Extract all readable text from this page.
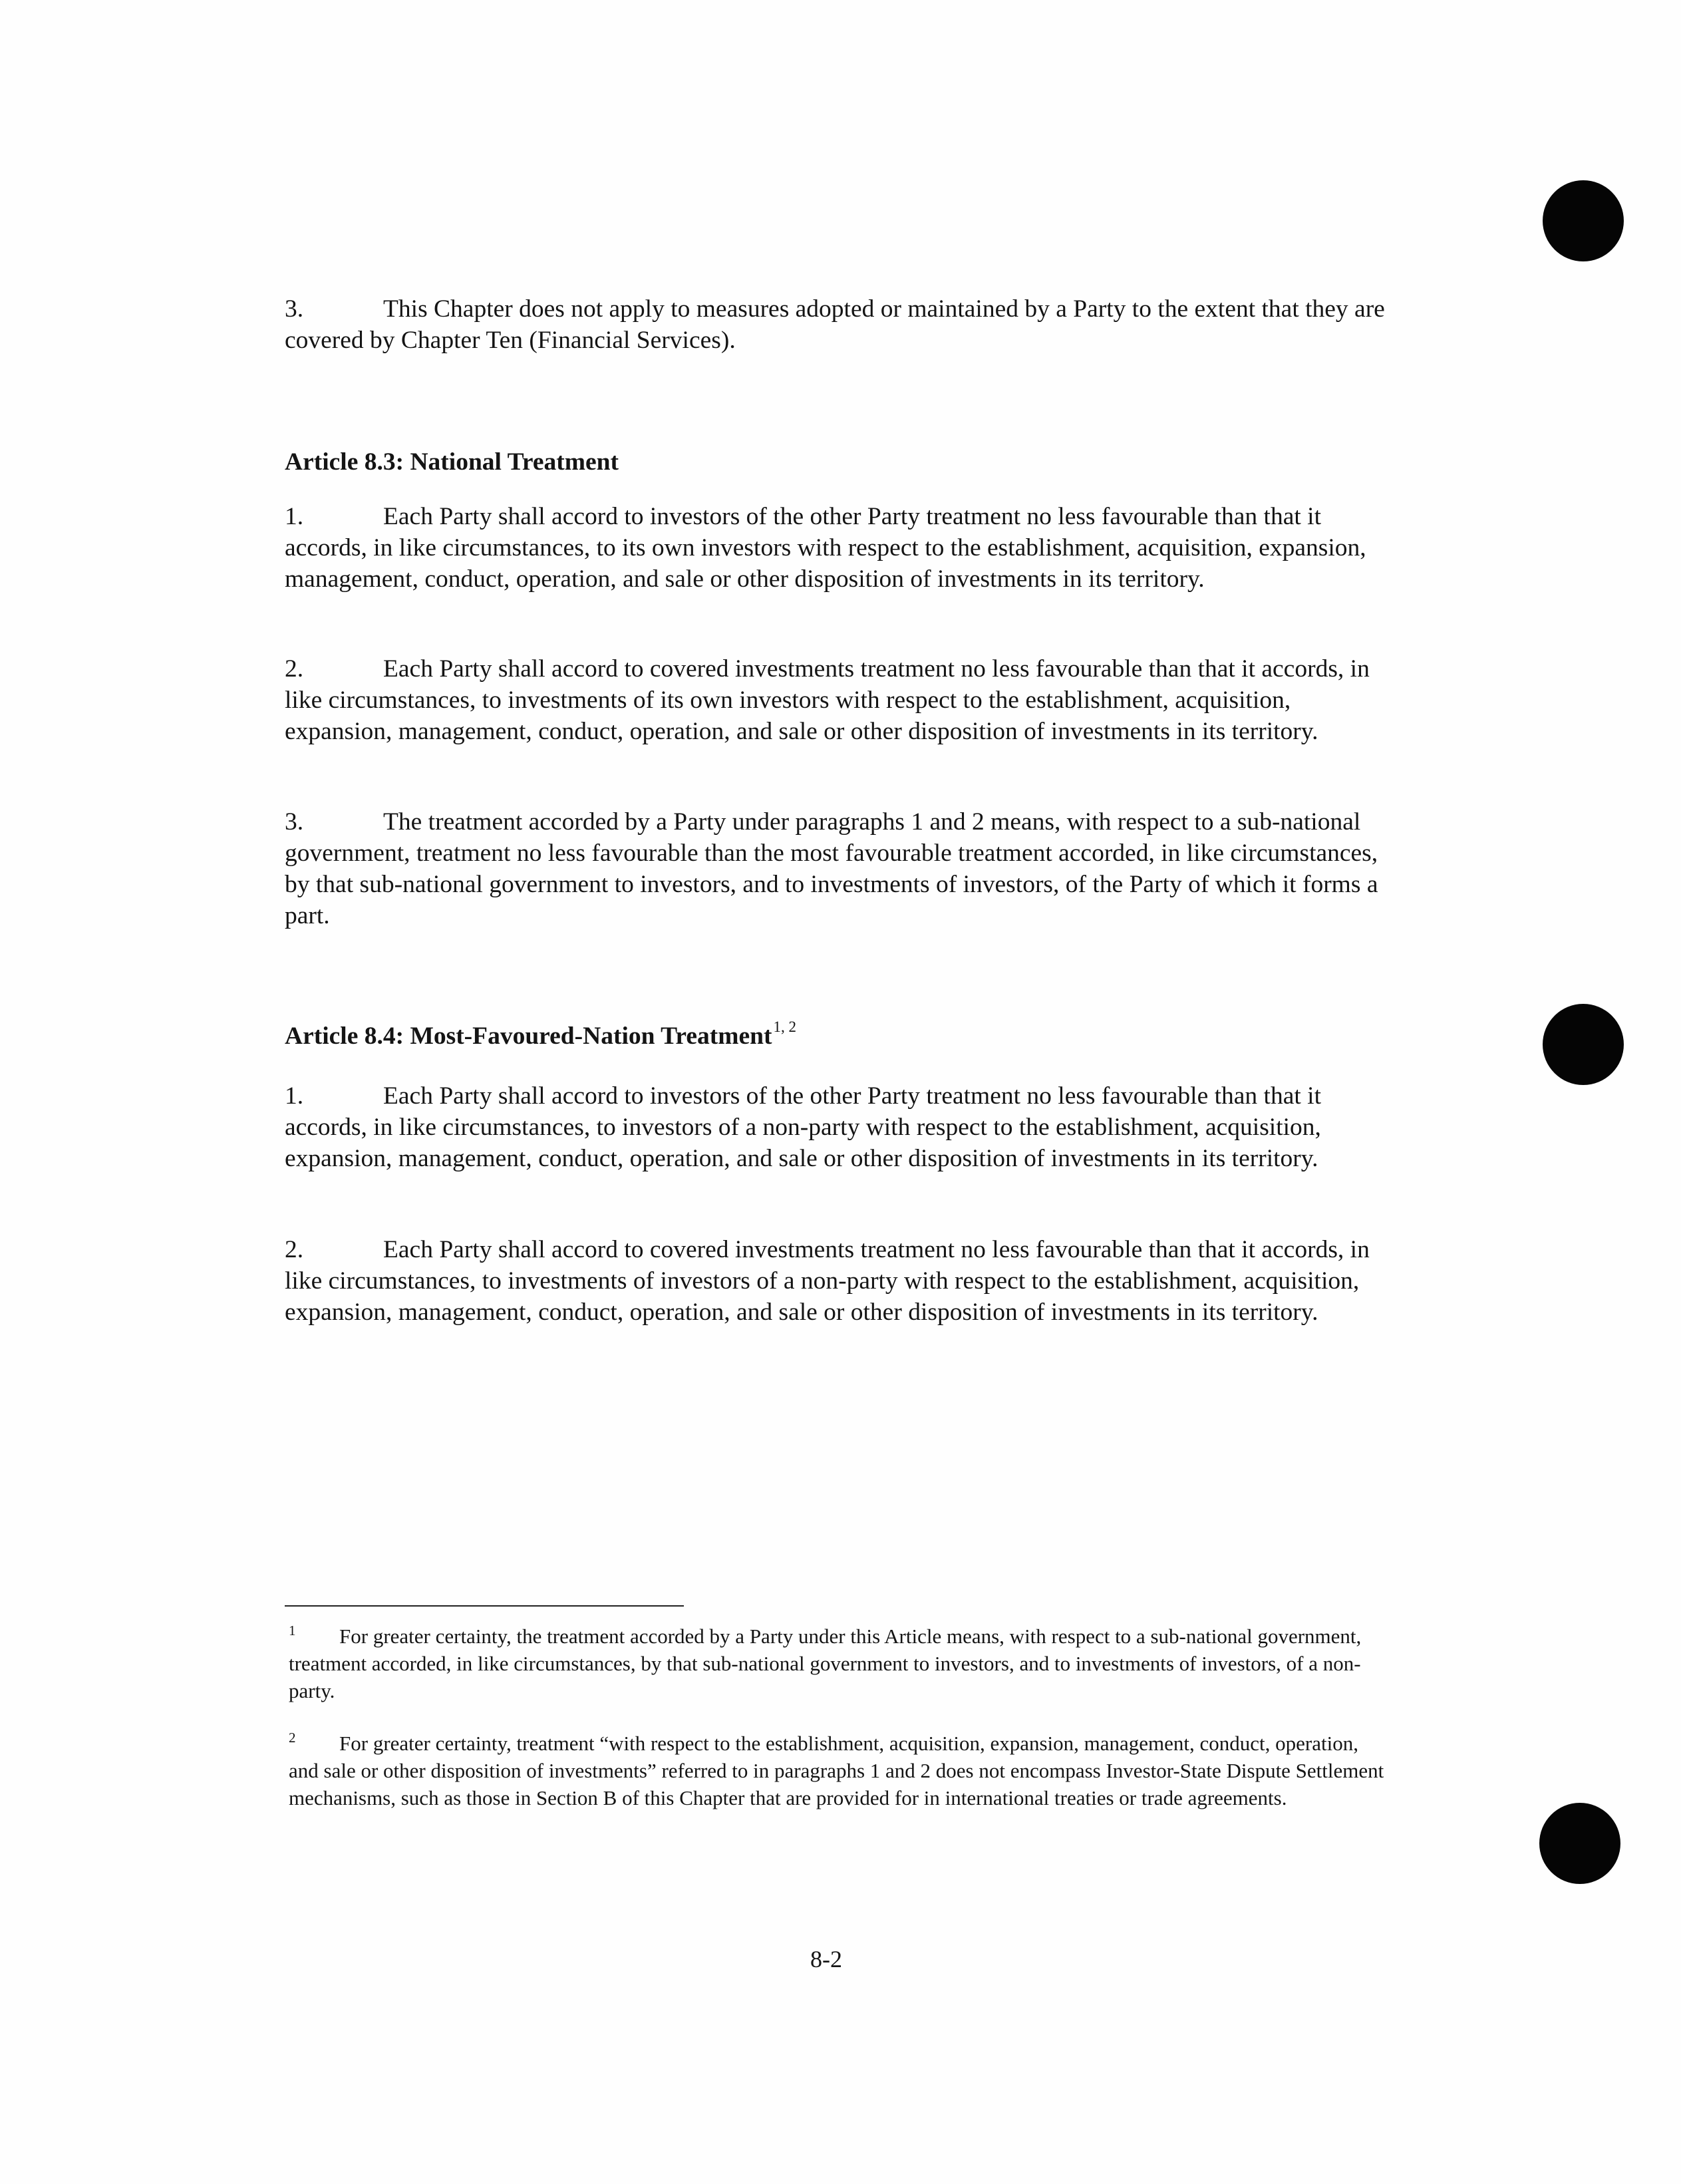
3.	This Chapter does not apply to measures adopted or maintained by a Party to the extent that they are covered by Chapter Ten (Financial Services).

Article 8.3: National Treatment

1.	Each Party shall accord to investors of the other Party treatment no less favourable than that it accords, in like circumstances, to its own investors with respect to the establishment, acquisition, expansion, management, conduct, operation, and sale or other disposition of investments in its territory.

2.	Each Party shall accord to covered investments treatment no less favourable than that it accords, in like circumstances, to investments of its own investors with respect to the establishment, acquisition, expansion, management, conduct, operation, and sale or other disposition of investments in its territory.

3.	The treatment accorded by a Party under paragraphs 1 and 2 means, with respect to a sub-national government, treatment no less favourable than the most favourable treatment accorded, in like circumstances, by that sub-national government to investors, and to investments of investors, of the Party of which it forms a part.

Article 8.4: Most-Favoured-Nation Treatment$^{1, 2}$

1.	Each Party shall accord to investors of the other Party treatment no less favourable than that it accords, in like circumstances, to investors of a non-party with respect to the establishment, acquisition, expansion, management, conduct, operation, and sale or other disposition of investments in its territory.

2.	Each Party shall accord to covered investments treatment no less favourable than that it accords, in like circumstances, to investments of investors of a non-party with respect to the establishment, acquisition, expansion, management, conduct, operation, and sale or other disposition of investments in its territory.

1 For greater certainty, the treatment accorded by a Party under this Article means, with respect to a sub-national government, treatment accorded, in like circumstances, by that sub-national government to investors, and to investments of investors, of a non-party.

2 For greater certainty, treatment “with respect to the establishment, acquisition, expansion, management, conduct, operation, and sale or other disposition of investments” referred to in paragraphs 1 and 2 does not encompass Investor-State Dispute Settlement mechanisms, such as those in Section B of this Chapter that are provided for in international treaties or trade agreements.

8-2
